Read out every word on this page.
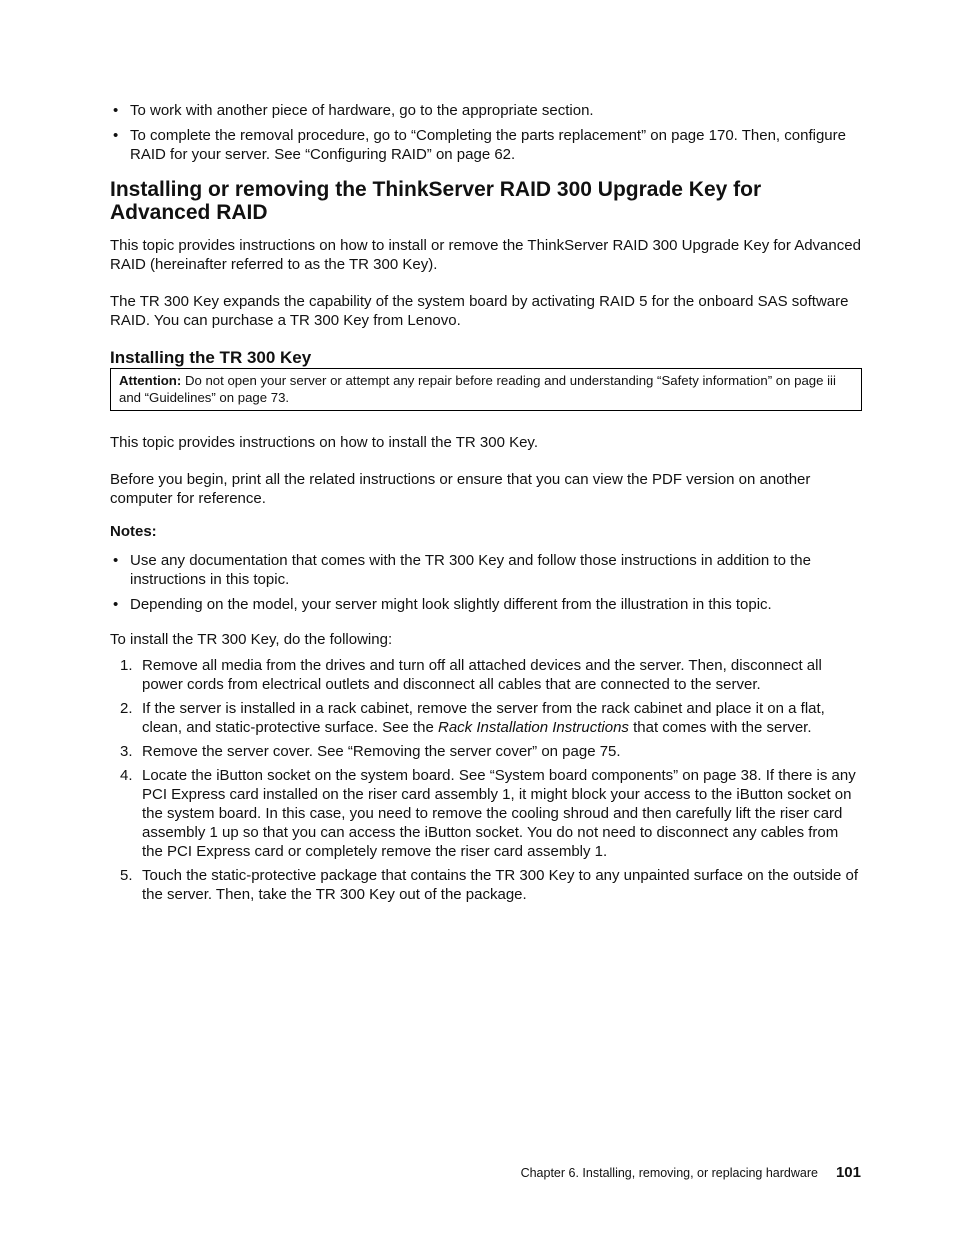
• To work with another piece of hardware, go to the appropriate section.
• To complete the removal procedure, go to “Completing the parts replacement” on page 170. Then, configure RAID for your server. See “Configuring RAID” on page 62.
Installing or removing the ThinkServer RAID 300 Upgrade Key for Advanced RAID

This topic provides instructions on how to install or remove the ThinkServer RAID 300 Upgrade Key for Advanced RAID (hereinafter referred to as the TR 300 Key).

The TR 300 Key expands the capability of the system board by activating RAID 5 for the onboard SAS software RAID. You can purchase a TR 300 Key from Lenovo.

Installing the TR 300 Key
Attention: Do not open your server or attempt any repair before reading and understanding “Safety information” on page iii and “Guidelines” on page 73.

This topic provides instructions on how to install the TR 300 Key.

Before you begin, print all the related instructions or ensure that you can view the PDF version on another computer for reference.

Notes:
• Use any documentation that comes with the TR 300 Key and follow those instructions in addition to the instructions in this topic.
• Depending on the model, your server might look slightly different from the illustration in this topic.

To install the TR 300 Key, do the following:

1. Remove all media from the drives and turn off all attached devices and the server. Then, disconnect all power cords from electrical outlets and disconnect all cables that are connected to the server.
2. If the server is installed in a rack cabinet, remove the server from the rack cabinet and place it on a flat, clean, and static-protective surface. See the Rack Installation Instructions that comes with the server.
3. Remove the server cover. See “Removing the server cover” on page 75.
4. Locate the iButton socket on the system board. See “System board components” on page 38. If there is any PCI Express card installed on the riser card assembly 1, it might block your access to the iButton socket on the system board. In this case, you need to remove the cooling shroud and then carefully lift the riser card assembly 1 up so that you can access the iButton socket. You do not need to disconnect any cables from the PCI Express card or completely remove the riser card assembly 1.
5. Touch the static-protective package that contains the TR 300 Key to any unpainted surface on the outside of the server. Then, take the TR 300 Key out of the package.
Chapter 6. Installing, removing, or replacing hardware 101
